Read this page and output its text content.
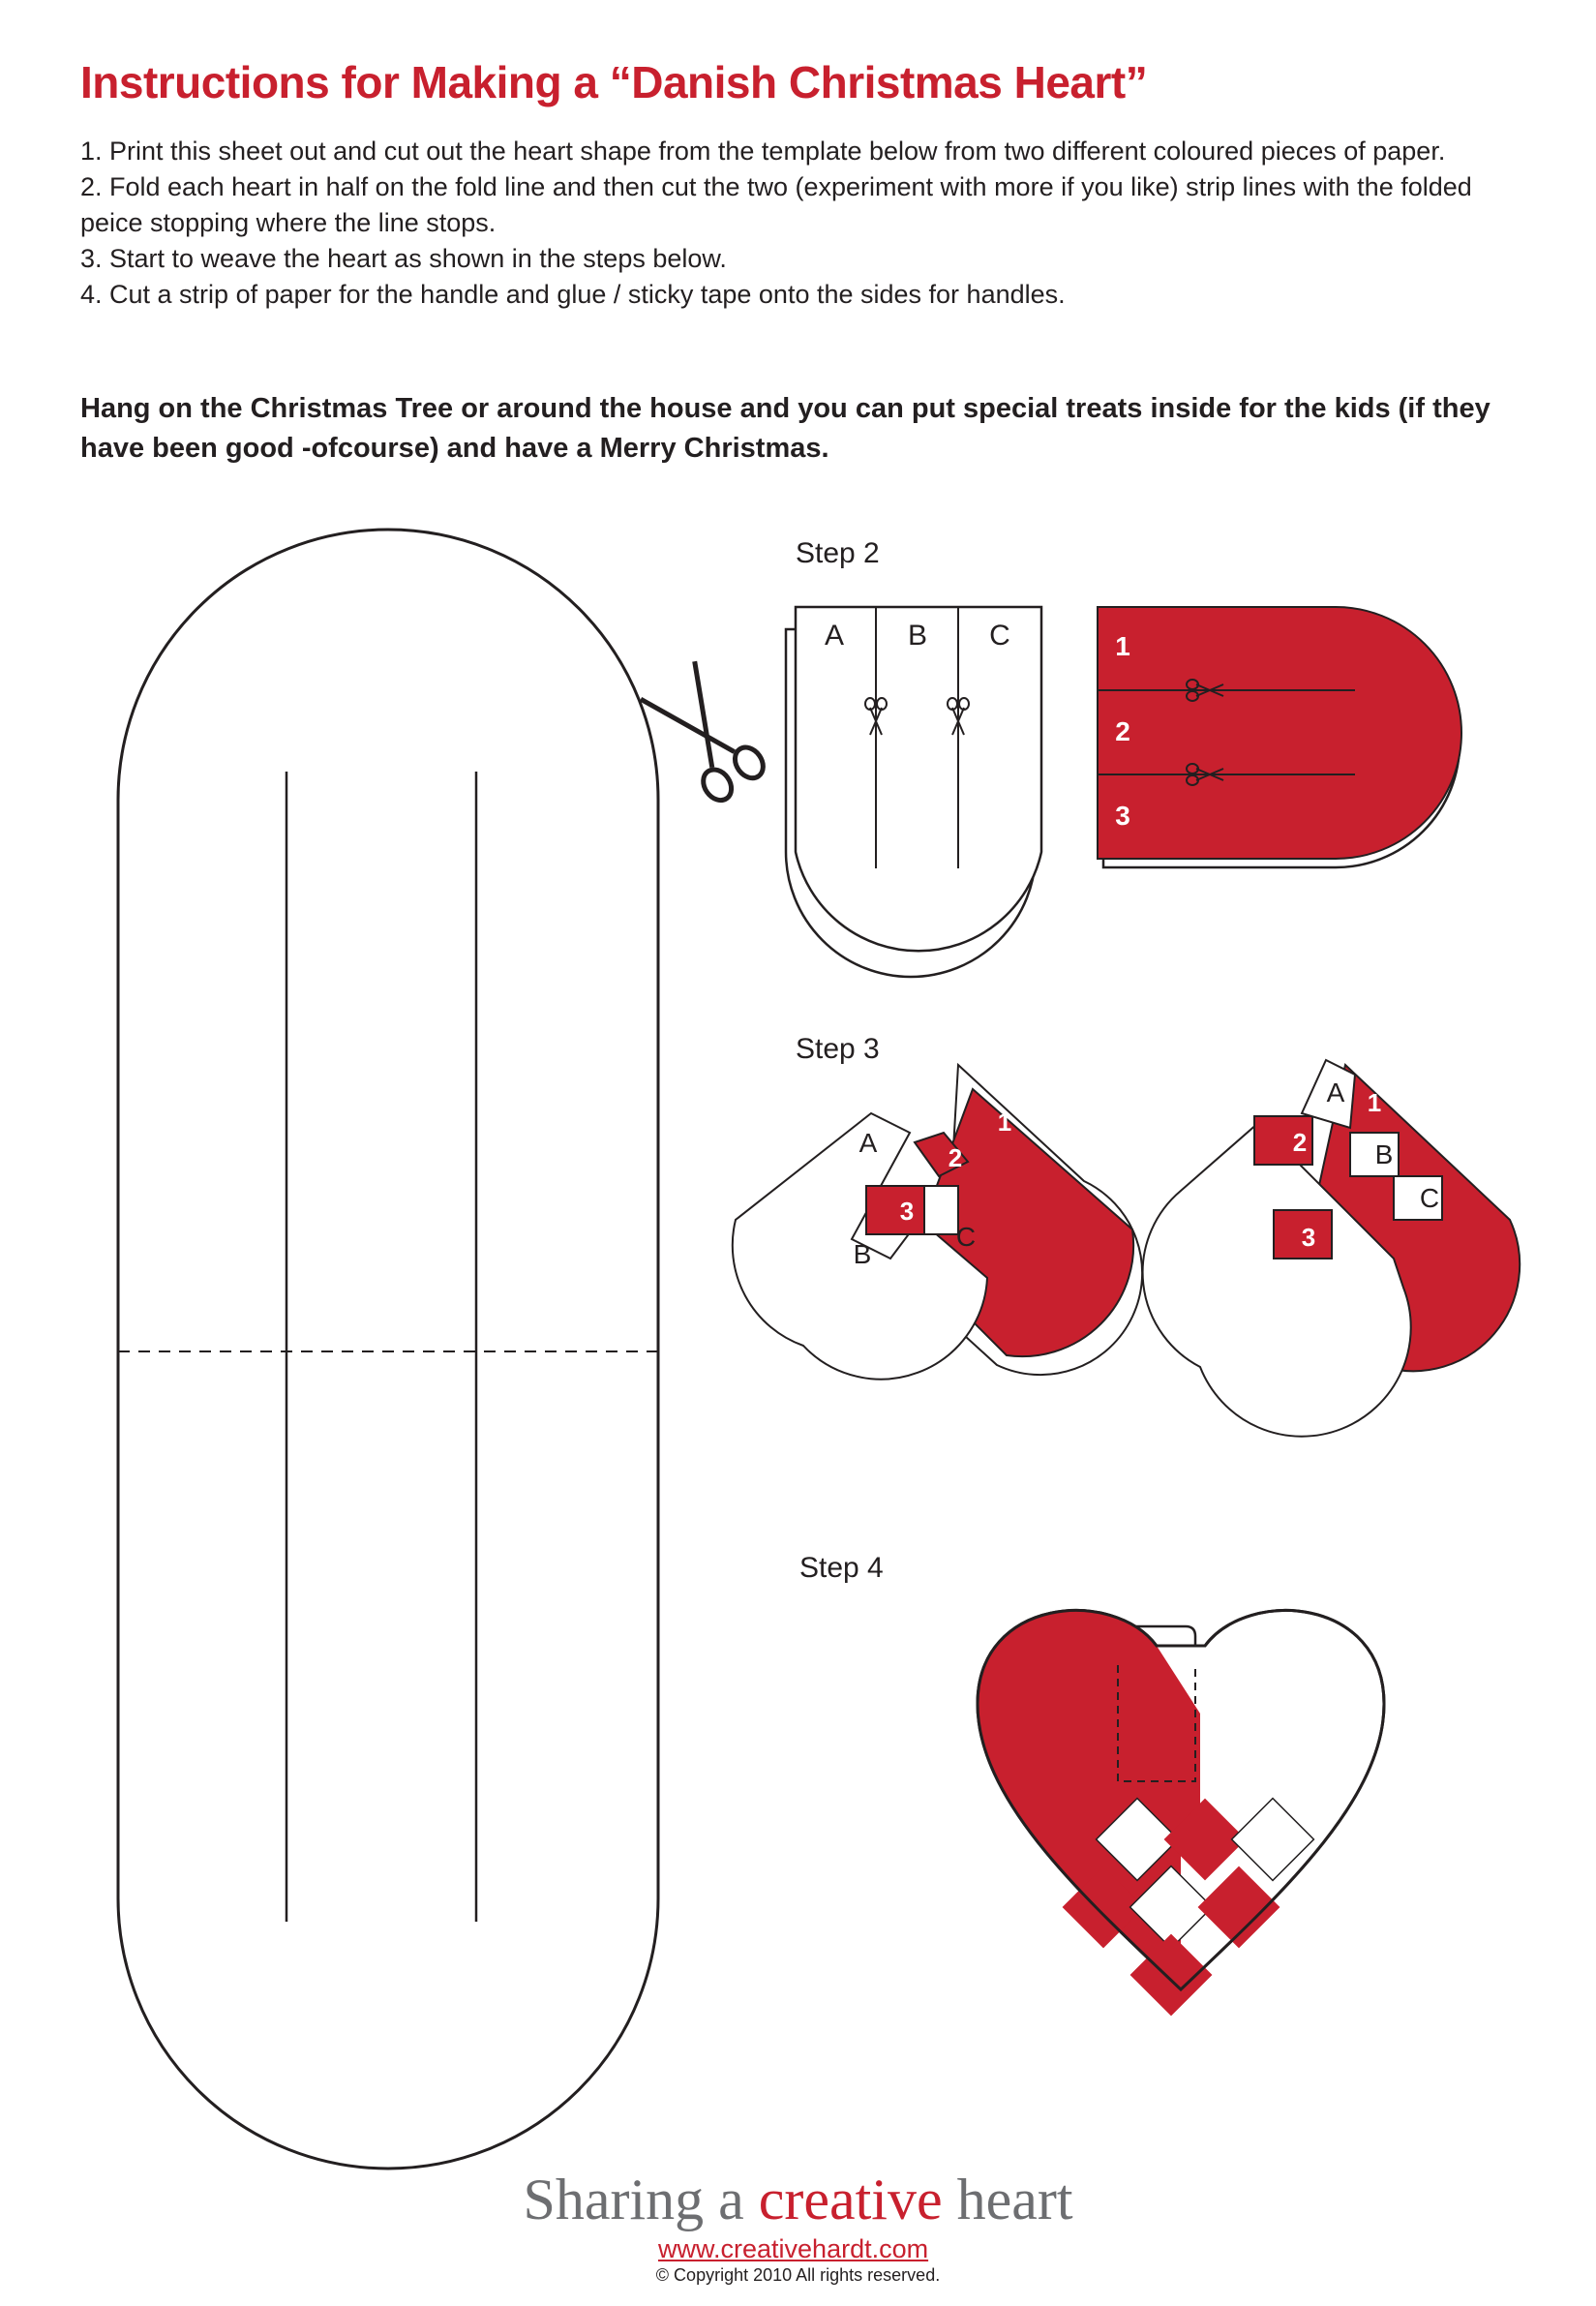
Instructions for Making a “Danish Christmas Heart”
1. Print this sheet out and cut out the heart shape from the template below from two different coloured pieces of paper.
2. Fold each heart in half on the fold line and then cut the two (experiment with more if you like) strip lines with the folded peice stopping where the line stops.
3. Start to weave the heart as shown in the steps below.
4. Cut a strip of paper for the handle and glue / sticky tape onto the sides for handles.

Hang on the Christmas Tree or around the house and you can put special treats inside for the kids (if they have been good -ofcourse) and have a Merry Christmas.

Step 2

Step 3

Step 4

A B C	1
2
3
A
B
C
1
2
3
A
B
C
1
2
3

Sharing a creative heart

www.creativehardt.com

© Copyright 2010 All rights reserved.
